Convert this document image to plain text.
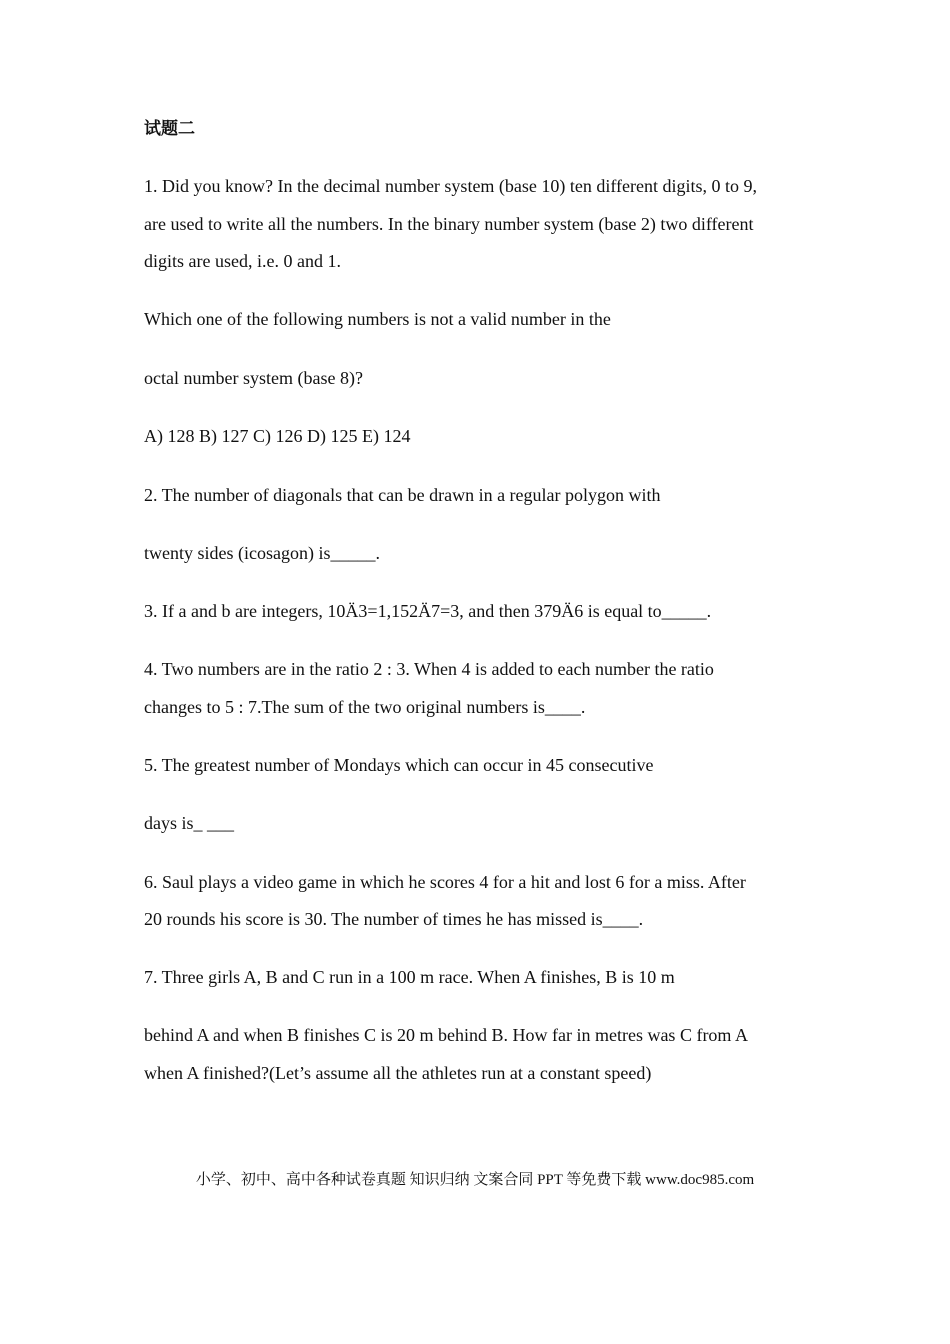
试题二
1. Did you know? In the decimal number system (base 10) ten different digits, 0 to 9,
are used to write all the numbers. In the binary number system (base 2) two different
digits are used, i.e. 0 and 1.
Which one of the following numbers is not a valid number in the
octal number system (base 8)?
A) 128 B) 127 C) 126 D) 125 E) 124
2. The number of diagonals that can be drawn in a regular polygon with
twenty sides (icosagon) is_____.
3. If a and b are integers, 10Ä3=1,152Ä7=3, and then 379Ä6 is equal to_____.
4. Two numbers are in the ratio 2 : 3. When 4 is added to each number the ratio
changes to 5 : 7.The sum of the two original numbers is____.
5. The greatest number of Mondays which can occur in 45 consecutive
days is_ ___
6. Saul plays a video game in which he scores 4 for a hit and lost 6 for a miss. After
20 rounds his score is 30. The number of times he has missed is____.
7. Three girls A, B and C run in a 100 m race. When A finishes, B is 10 m
behind A and when B finishes C is 20 m behind B. How far in metres was C from A
when A finished?(Let’s assume all the athletes run at a constant speed)
小学、初中、高中各种试卷真题 知识归纳 文案合同 PPT 等免费下载 www.doc985.com
